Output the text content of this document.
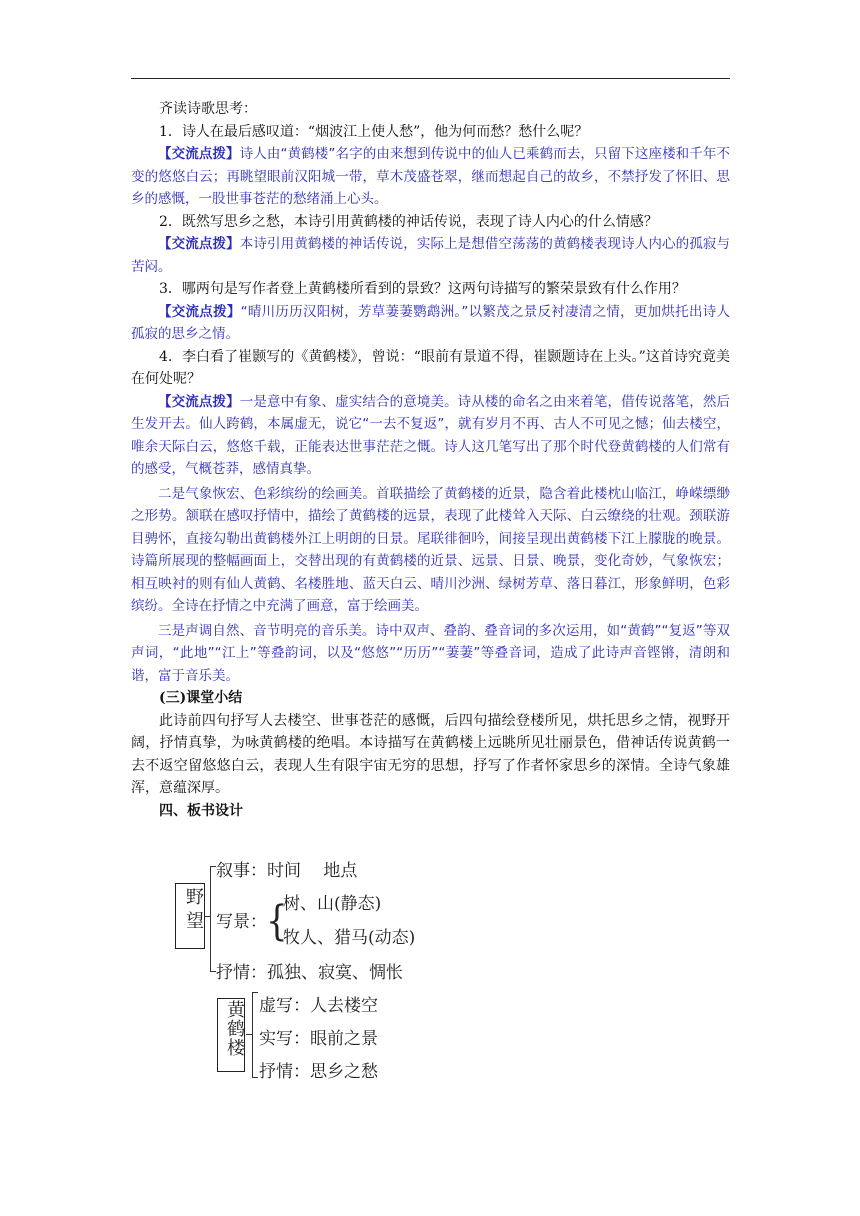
齐读诗歌思考：

1．诗人在最后感叹道：“烟波江上使人愁”，他为何而愁？愁什么呢？

【交流点拨】诗人由“黄鹤楼”名字的由来想到传说中的仙人已乘鹤而去，只留下这座楼和千年不变的悠悠白云；再眺望眼前汉阳城一带，草木茂盛苍翠，继而想起自己的故乡，不禁抒发了怀旧、思乡的感慨，一股世事苍茫的愁绪涌上心头。

2．既然写思乡之愁，本诗引用黄鹤楼的神话传说，表现了诗人内心的什么情感？

【交流点拨】本诗引用黄鹤楼的神话传说，实际上是想借空荡荡的黄鹤楼表现诗人内心的孤寂与苦闷。

3．哪两句是写作者登上黄鹤楼所看到的景致？这两句诗描写的繁荣景致有什么作用？

【交流点拨】“晴川历历汉阳树，芳草萋萋鹦鹉洲。”以繁茂之景反衬凄清之情，更加烘托出诗人孤寂的思乡之情。

4．李白看了崔颢写的《黄鹤楼》，曾说：“眼前有景道不得，崔颢题诗在上头。”这首诗究竟美在何处呢？

【交流点拨】一是意中有象、虚实结合的意境美。诗从楼的命名之由来着笔，借传说落笔，然后生发开去。仙人跨鹤，本属虚无，说它“一去不复返”，就有岁月不再、古人不可见之憾；仙去楼空，唯余天际白云，悠悠千载，正能表达世事茫茫之慨。诗人这几笔写出了那个时代登黄鹤楼的人们常有的感受，气概苍莽，感情真挚。

二是气象恢宏、色彩缤纷的绘画美。首联描绘了黄鹤楼的近景，隐含着此楼枕山临江，峥嵘缥缈之形势。颔联在感叹抒情中，描绘了黄鹤楼的远景，表现了此楼耸入天际、白云缭绕的壮观。颈联游目骋怀，直接勾勒出黄鹤楼外江上明朗的日景。尾联徘徊吟，间接呈现出黄鹤楼下江上朦胧的晚景。诗篇所展现的整幅画面上，交替出现的有黄鹤楼的近景、远景、日景、晚景，变化奇妙，气象恢宏；相互映衬的则有仙人黄鹤、名楼胜地、蓝天白云、晴川沙洲、绿树芳草、落日暮江，形象鲜明，色彩缤纷。全诗在抒情之中充满了画意，富于绘画美。

三是声调自然、音节明亮的音乐美。诗中双声、叠韵、叠音词的多次运用，如“黄鹤”“复返”等双声词，“此地”“江上”等叠韵词，以及“悠悠”“历历”“萋萋”等叠音词，造成了此诗声音铿锵，清朗和谐，富于音乐美。

(三)课堂小结

此诗前四句抒写人去楼空、世事苍茫的感慨，后四句描绘登楼所见，烘托思乡之情，视野开阔，抒情真挚，为咏黄鹤楼的绝唱。本诗描写在黄鹤楼上远眺所见壮丽景色，借神话传说黄鹤一去不返空留悠悠白云，表现人生有限宇宙无穷的思想，抒写了作者怀家思乡的深情。全诗气象雄浑，意蕴深厚。

四、板书设计

野望
叙事：时间　 地点
写景： {
树、山(静态)
牧人、猎马(动态)
抒情：孤独、寂寞、惆怅
黄鹤楼 虚写：人去楼空
实写：眼前之景
抒情：思乡之愁
